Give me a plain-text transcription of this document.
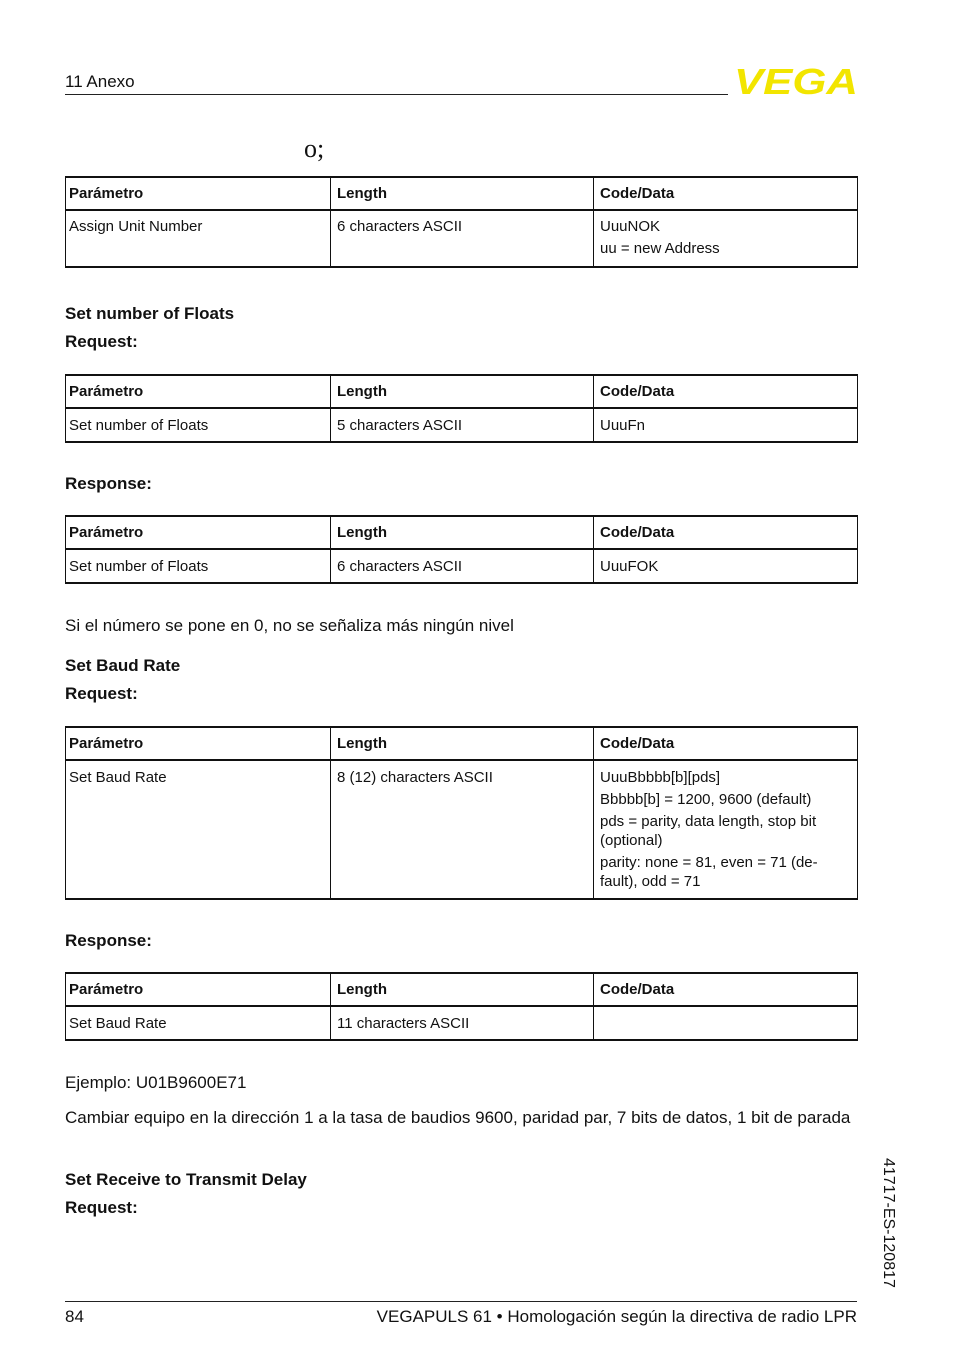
11 Anexo	VEGA
o;
Parámetro	Length	Code/Data
Assign Unit Number	6 characters ASCII	UuuNOK
uu = new Address
Set number of Floats
Request:
Parámetro	Length	Code/Data
Set number of Floats	5 characters ASCII	UuuFn
Response:
Parámetro	Length	Code/Data
Set number of Floats	6 characters ASCII	UuuFOK
Si el número se pone en 0, no se señaliza más ningún nivel
Set Baud Rate
Request:
Parámetro	Length	Code/Data
Set Baud Rate	8 (12) characters ASCII	UuuBbbbb[b][pds]
Bbbbb[b] = 1200, 9600 (default)
pds = parity, data length, stop bit (optional)
parity: none = 81, even = 71 (de-fault), odd = 71
Response:
Parámetro	Length	Code/Data
Set Baud Rate	11 characters ASCII	
Ejemplo: U01B9600E71
Cambiar equipo en la dirección 1 a la tasa de baudios 9600, paridad par, 7 bits de datos, 1 bit de parada
Set Receive to Transmit Delay
Request:	41717-ES-120817
84	VEGAPULS 61 • Homologación según la directiva de radio LPR
